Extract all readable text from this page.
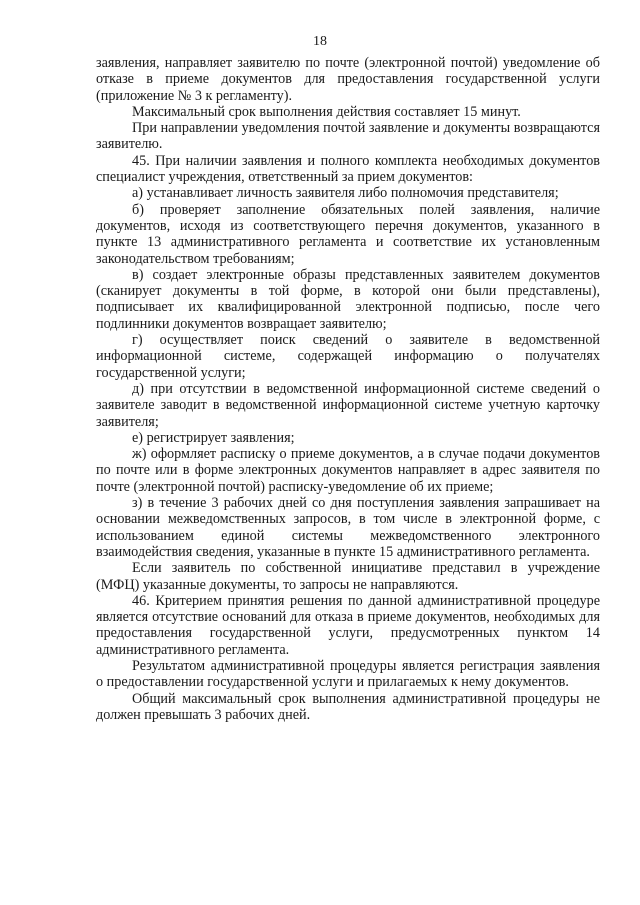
18

заявления, направляет заявителю по почте (электронной почтой) уведомление об отказе в приеме документов для предоставления государственной услуги (приложение № 3 к регламенту).

Максимальный срок выполнения действия составляет 15 минут.

При направлении уведомления почтой заявление и документы возвращаются заявителю.

45. При наличии заявления и полного комплекта необходимых документов специалист учреждения, ответственный за прием документов:

а) устанавливает личность заявителя либо полномочия представителя;

б) проверяет заполнение обязательных полей заявления, наличие документов, исходя из соответствующего перечня документов, указанного в пункте 13 административного регламента и соответствие их установленным законодательством требованиям;

в) создает электронные образы представленных заявителем документов (сканирует документы в той форме, в которой они были представлены), подписывает их квалифицированной электронной подписью, после чего подлинники документов возвращает заявителю;

г) осуществляет поиск сведений о заявителе в ведомственной информационной системе, содержащей информацию о получателях государственной услуги;

д) при отсутствии в ведомственной информационной системе сведений о заявителе заводит в ведомственной информационной системе учетную карточку заявителя;

е) регистрирует заявления;

ж) оформляет расписку о приеме документов, а в случае подачи документов по почте или в форме электронных документов направляет в адрес заявителя по почте (электронной почтой) расписку-уведомление об их приеме;

з) в течение 3 рабочих дней со дня поступления заявления запрашивает на основании межведомственных запросов, в том числе в электронной форме, с использованием единой системы межведомственного электронного взаимодействия сведения, указанные в пункте 15 административного регламента.

Если заявитель по собственной инициативе представил в учреждение (МФЦ) указанные документы, то запросы не направляются.

46. Критерием принятия решения по данной административной процедуре является отсутствие оснований для отказа в приеме документов, необходимых для предоставления государственной услуги, предусмотренных пунктом 14 административного регламента.

Результатом административной процедуры является регистрация заявления о предоставлении государственной услуги и прилагаемых к нему документов.

Общий максимальный срок выполнения административной процедуры не должен превышать 3 рабочих дней.
